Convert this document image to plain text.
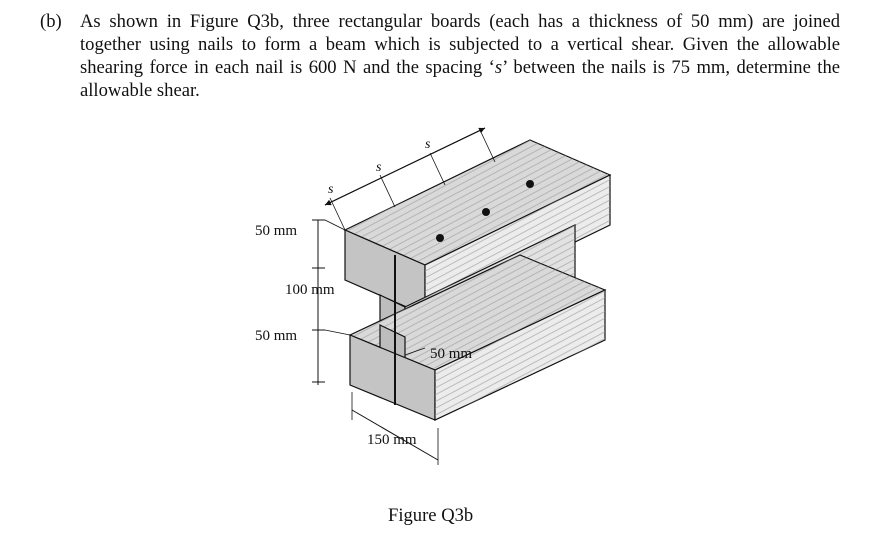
(b) As shown in Figure Q3b, three rectangular boards (each has a thickness of 50 mm) are joined together using nails to form a beam which is subjected to a vertical shear. Given the allowable shearing force in each nail is 600 N and the spacing ‘s’ between the nails is 75 mm, determine the allowable shear.
50 mm
100 mm
50 mm
50 mm
150 mm
s
s
s
Figure Q3b
